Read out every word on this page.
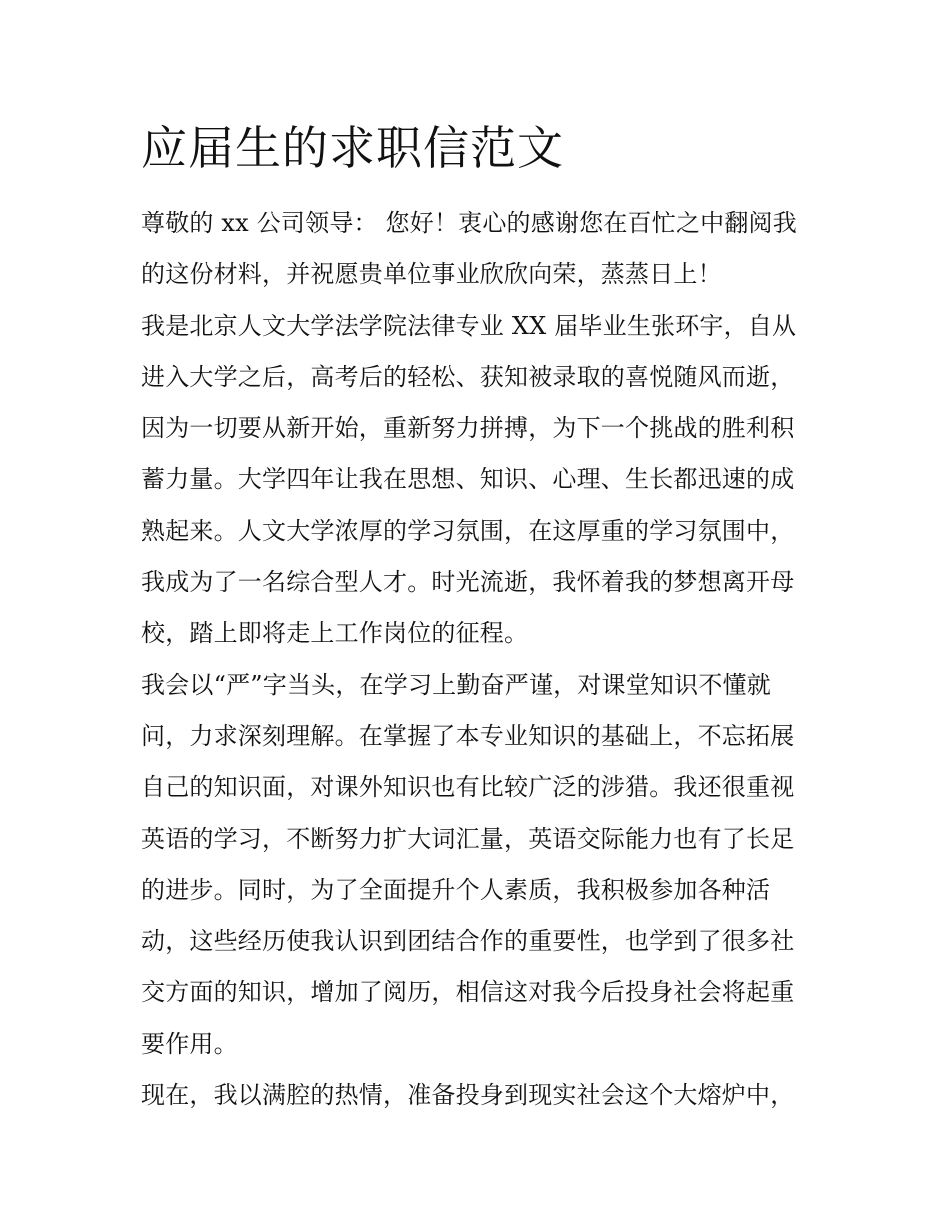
应届生的求职信范文
尊敬的 xx 公司领导： 您好！衷心的感谢您在百忙之中翻阅我
的这份材料，并祝愿贵单位事业欣欣向荣，蒸蒸日上！
我是北京人文大学法学院法律专业 XX 届毕业生张环宇，自从
进入大学之后，高考后的轻松、获知被录取的喜悦随风而逝，
因为一切要从新开始，重新努力拼搏，为下一个挑战的胜利积
蓄力量。大学四年让我在思想、知识、心理、生长都迅速的成
熟起来。人文大学浓厚的学习氛围，在这厚重的学习氛围中，
我成为了一名综合型人才。时光流逝，我怀着我的梦想离开母
校，踏上即将走上工作岗位的征程。
我会以“严”字当头，在学习上勤奋严谨，对课堂知识不懂就
问，力求深刻理解。在掌握了本专业知识的基础上，不忘拓展
自己的知识面，对课外知识也有比较广泛的涉猎。我还很重视
英语的学习，不断努力扩大词汇量，英语交际能力也有了长足
的进步。同时，为了全面提升个人素质，我积极参加各种活
动，这些经历使我认识到团结合作的重要性，也学到了很多社
交方面的知识，增加了阅历，相信这对我今后投身社会将起重
要作用。
现在，我以满腔的热情，准备投身到现实社会这个大熔炉中，
